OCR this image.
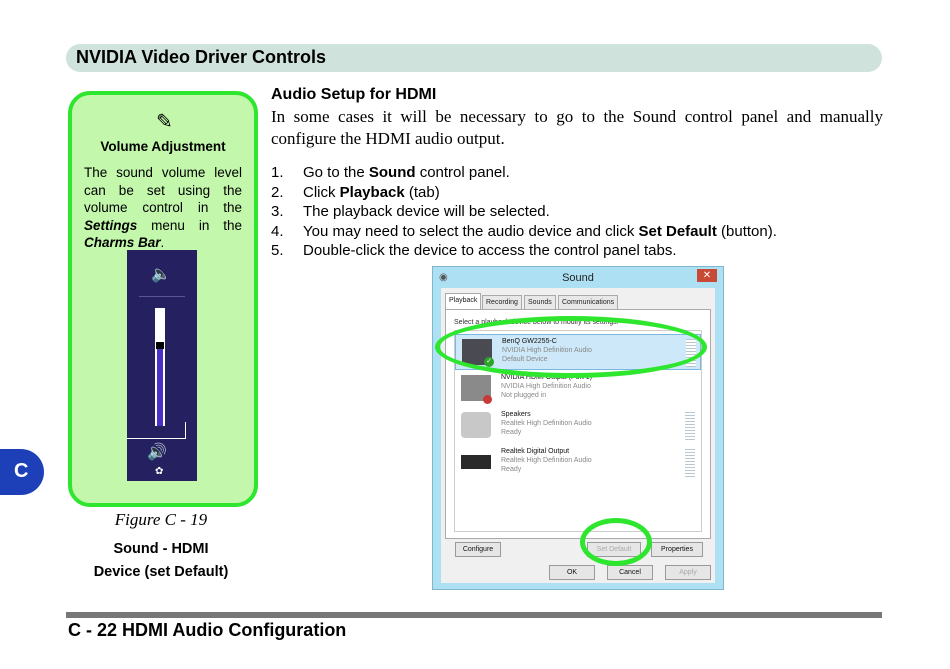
NVIDIA Video Driver Controls
C
✎
Volume Adjustment
The sound volume level can be set using the volume control in the Settings menu in the Charms Bar.
🔈
🔊
✿
Figure C - 19
Sound - HDMI
Device (set Default)
Audio Setup for HDMI
In some cases it will be necessary to go to the Sound control panel and manually configure the HDMI audio output.
1. Go to the Sound control panel.
2. Click Playback (tab)
3. The playback device will be selected.
4. You may need to select the audio device and click Set Default (button).
5. Double-click the device to access the control panel tabs.
◉	Sound	✕
Playback	Recording	Sounds	Communications
Select a playback device below to modify its settings:
✓
BenQ GW2255-C
NVIDIA High Definition Audio
Default Device
NVIDIA HDMI Output (Port 1)
NVIDIA High Definition Audio
Not plugged in
Speakers
Realtek High Definition Audio
Ready
Realtek Digital Output
Realtek High Definition Audio
Ready
Configure	Set Default	Properties
OK	Cancel	Apply
C - 22 HDMI Audio Configuration
